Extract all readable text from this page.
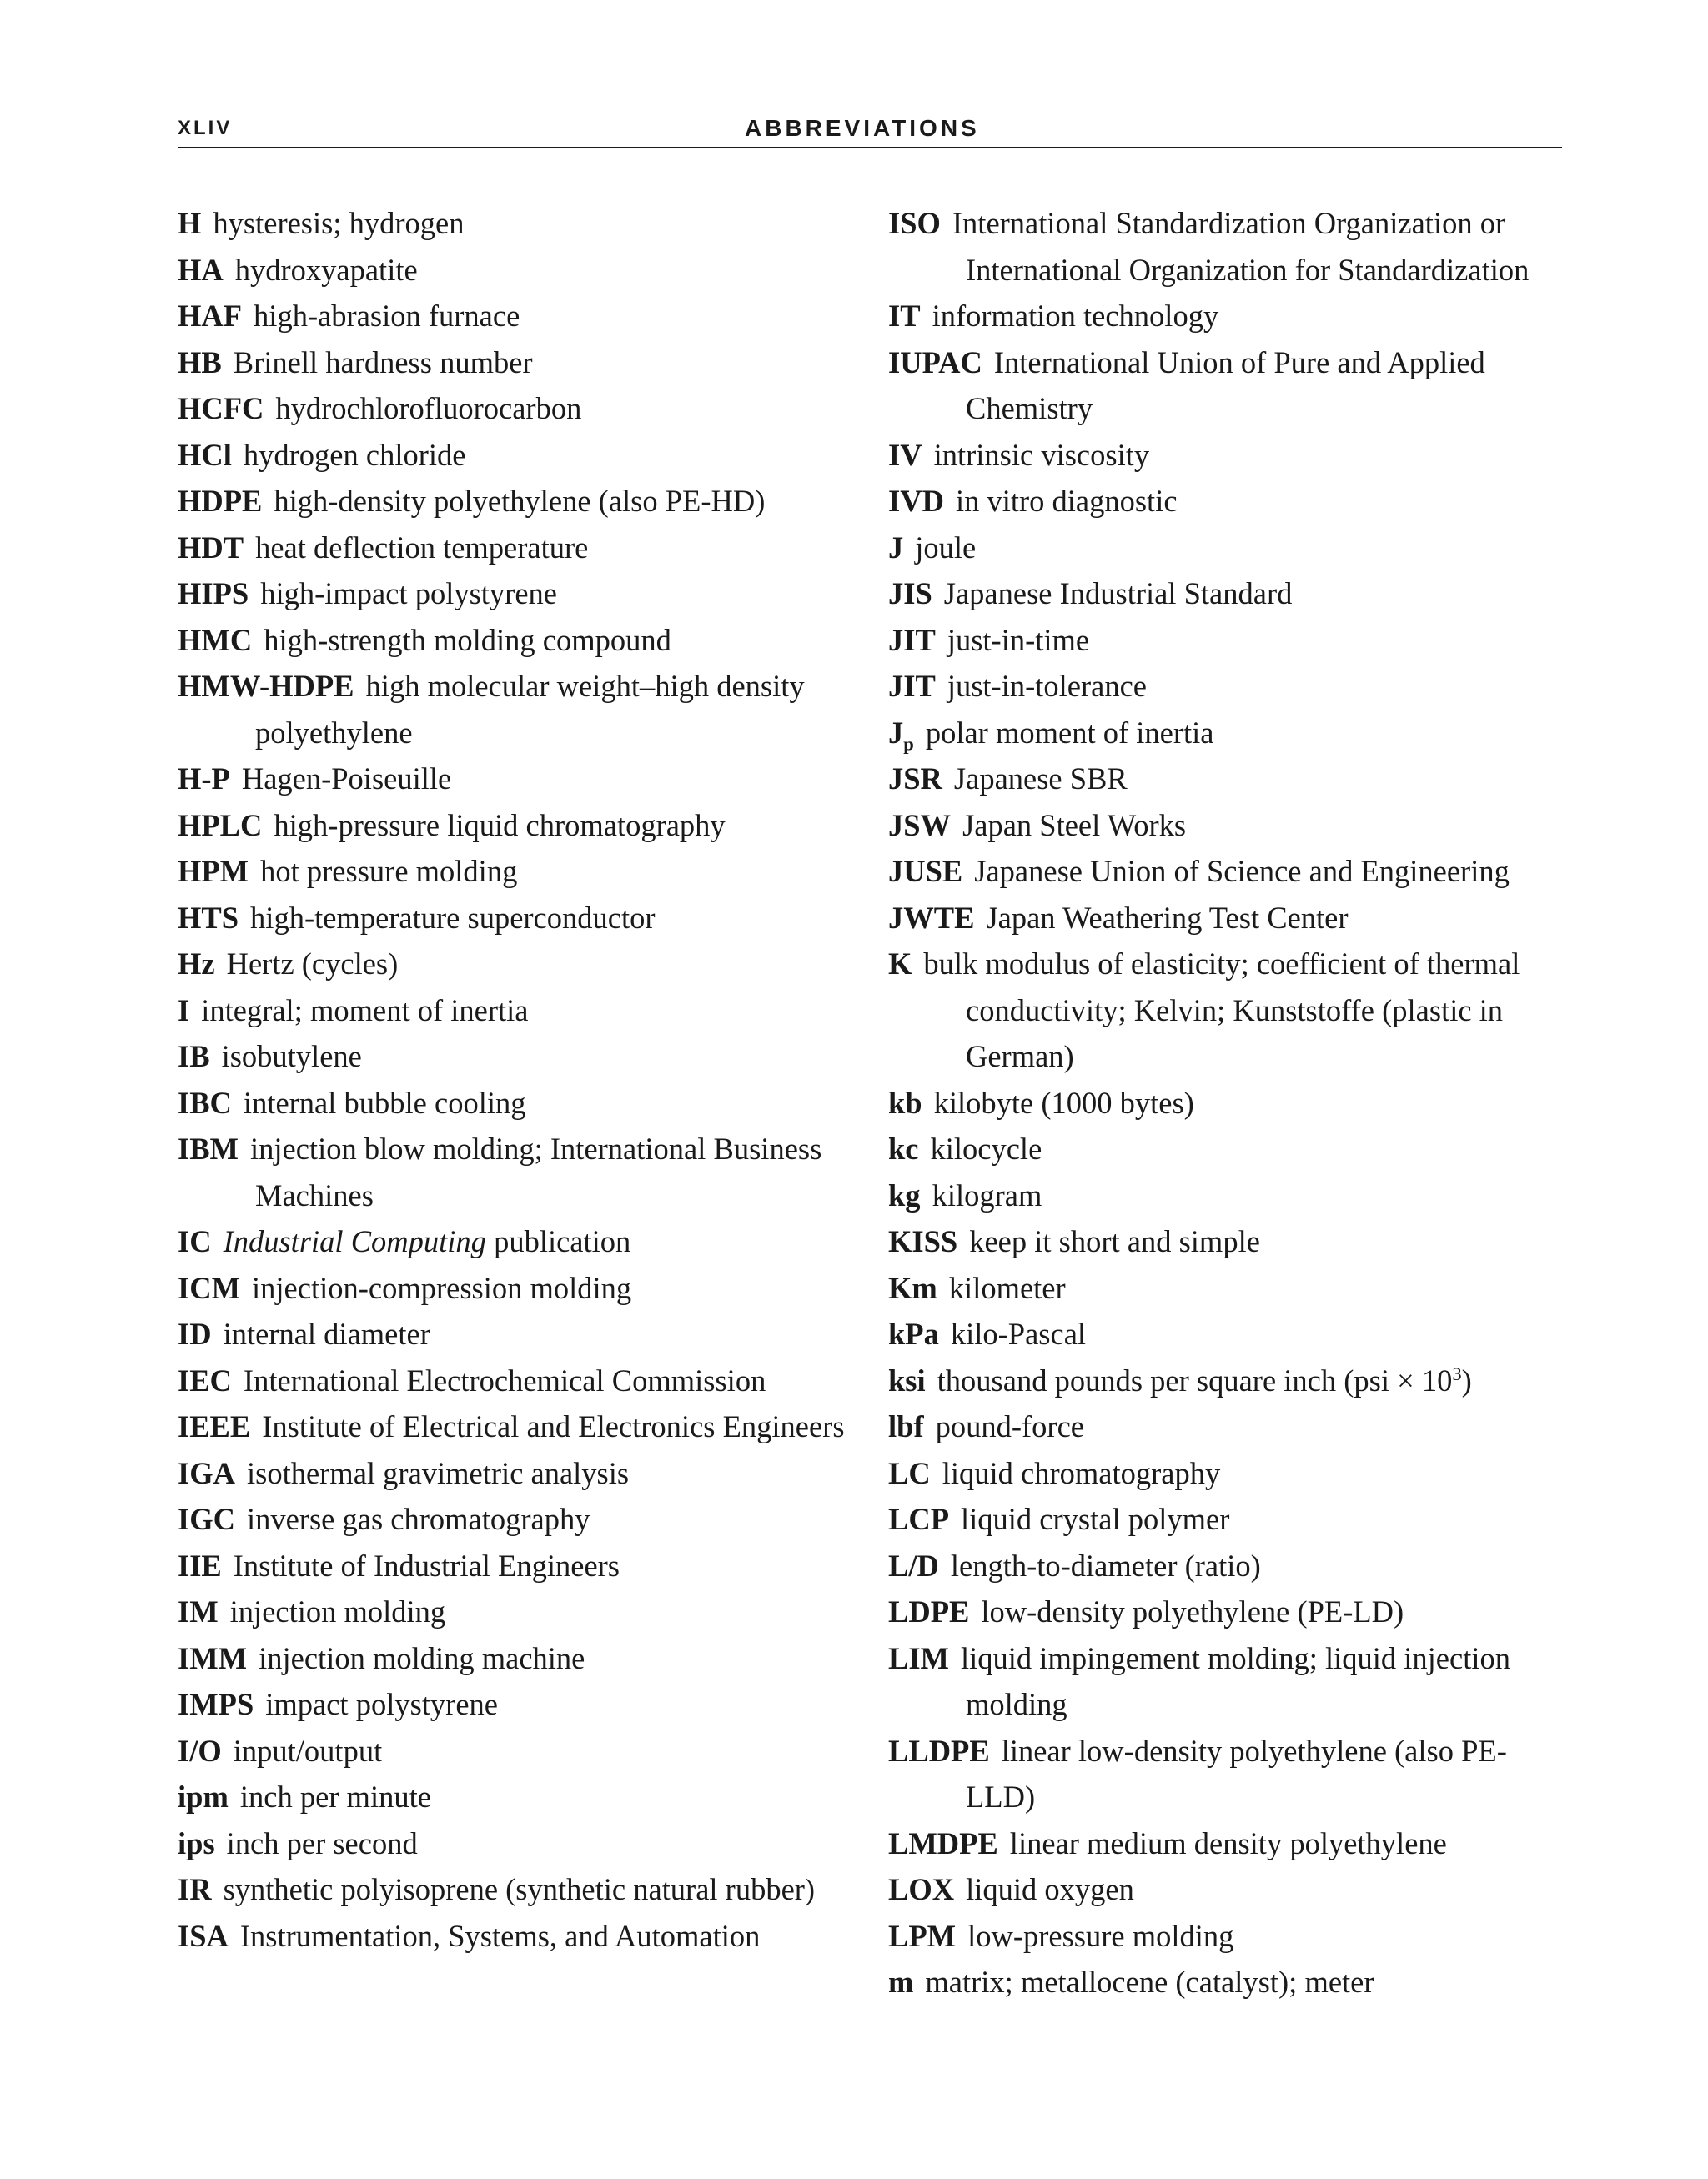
XLIV	ABBREVIATIONS

H hysteresis; hydrogen

HA hydroxyapatite

HAF high-abrasion furnace

HB Brinell hardness number

HCFC hydrochlorofluorocarbon

HCl hydrogen chloride

HDPE high-density polyethylene (also PE-HD)

HDT heat deflection temperature

HIPS high-impact polystyrene

HMC high-strength molding compound

HMW-HDPE high molecular weight–high density polyethylene

H-P Hagen-Poiseuille

HPLC high-pressure liquid chromatography

HPM hot pressure molding

HTS high-temperature superconductor

Hz Hertz (cycles)

I integral; moment of inertia

IB isobutylene

IBC internal bubble cooling

IBM injection blow molding; International Business Machines

IC Industrial Computing publication

ICM injection-compression molding

ID internal diameter

IEC International Electrochemical Commission

IEEE Institute of Electrical and Electronics Engineers

IGA isothermal gravimetric analysis

IGC inverse gas chromatography

IIE Institute of Industrial Engineers

IM injection molding

IMM injection molding machine

IMPS impact polystyrene

I/O input/output

ipm inch per minute

ips inch per second

IR synthetic polyisoprene (synthetic natural rubber)

ISA Instrumentation, Systems, and Automation

ISO International Standardization Organization or International Organization for Standardization

IT information technology

IUPAC International Union of Pure and Applied Chemistry

IV intrinsic viscosity

IVD in vitro diagnostic

J joule

JIS Japanese Industrial Standard

JIT just-in-time

JIT just-in-tolerance

$J_p$ polar moment of inertia

JSR Japanese SBR

JSW Japan Steel Works

JUSE Japanese Union of Science and Engineering

JWTE Japan Weathering Test Center

K bulk modulus of elasticity; coefficient of thermal conductivity; Kelvin; Kunststoffe (plastic in German)

kb kilobyte (1000 bytes)

kc kilocycle

kg kilogram

KISS keep it short and simple

Km kilometer

kPa kilo-Pascal

ksi thousand pounds per square inch $(psi \times 10^3)$

lbf pound-force

LC liquid chromatography

LCP liquid crystal polymer

L/D length-to-diameter (ratio)

LDPE low-density polyethylene (PE-LD)

LIM liquid impingement molding; liquid injection molding

LLDPE linear low-density polyethylene (also PE-LLD)

LMDPE linear medium density polyethylene

LOX liquid oxygen

LPM low-pressure molding

m matrix; metallocene (catalyst); meter
